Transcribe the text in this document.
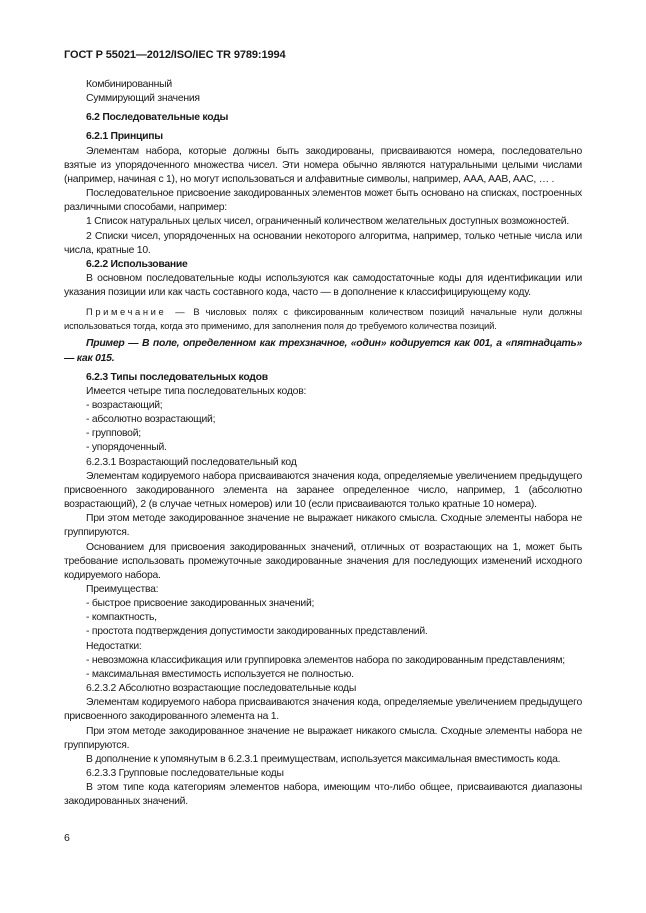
ГОСТ Р 55021—2012/ISO/IEC TR 9789:1994

Комбинированный

Суммирующий значения

6.2 Последовательные коды

6.2.1 Принципы

Элементам набора, которые должны быть закодированы, присваиваются номера, последовательно взятые из упорядоченного множества чисел. Эти номера обычно являются натуральными целыми числами (например, начиная с 1), но могут использоваться и алфавитные символы, например, AAA, AAB, AAC, … .

Последовательное присвоение закодированных элементов может быть основано на списках, построенных различными способами, например:

1 Список натуральных целых чисел, ограниченный количеством желательных доступных возможностей.

2 Списки чисел, упорядоченных на основании некоторого алгоритма, например, только четные числа или числа, кратные 10.

6.2.2 Использование

В основном последовательные коды используются как самодостаточные коды для идентификации или указания позиции или как часть составного кода, часто — в дополнение к классифицирующему коду.

Примечание — В числовых полях с фиксированным количеством позиций начальные нули должны использоваться тогда, когда это применимо, для заполнения поля до требуемого количества позиций.

Пример — В поле, определенном как трехзначное, «один» кодируется как 001, а «пятнадцать» — как 015.

6.2.3 Типы последовательных кодов

Имеется четыре типа последовательных кодов:

- возрастающий;

- абсолютно возрастающий;

- групповой;

- упорядоченный.

6.2.3.1 Возрастающий последовательный код

Элементам кодируемого набора присваиваются значения кода, определяемые увеличением предыдущего присвоенного закодированного элемента на заранее определенное число, например, 1 (абсолютно возрастающий), 2 (в случае четных номеров) или 10 (если присваиваются только кратные 10 номера).

При этом методе закодированное значение не выражает никакого смысла. Сходные элементы набора не группируются.

Основанием для присвоения закодированных значений, отличных от возрастающих на 1, может быть требование использовать промежуточные закодированные значения для последующих изменений исходного кодируемого набора.

Преимущества:

- быстрое присвоение закодированных значений;

- компактность,

- простота подтверждения допустимости закодированных представлений.

Недостатки:

- невозможна классификация или группировка элементов набора по закодированным представлениям;

- максимальная вместимость используется не полностью.

6.2.3.2 Абсолютно возрастающие последовательные коды

Элементам кодируемого набора присваиваются значения кода, определяемые увеличением предыдущего присвоенного закодированного элемента на 1.

При этом методе закодированное значение не выражает никакого смысла. Сходные элементы набора не группируются.

В дополнение к упомянутым в 6.2.3.1 преимуществам, используется максимальная вместимость кода.

6.2.3.3 Групповые последовательные коды

В этом типе кода категориям элементов набора, имеющим что-либо общее, присваиваются диапазоны закодированных значений.

6
